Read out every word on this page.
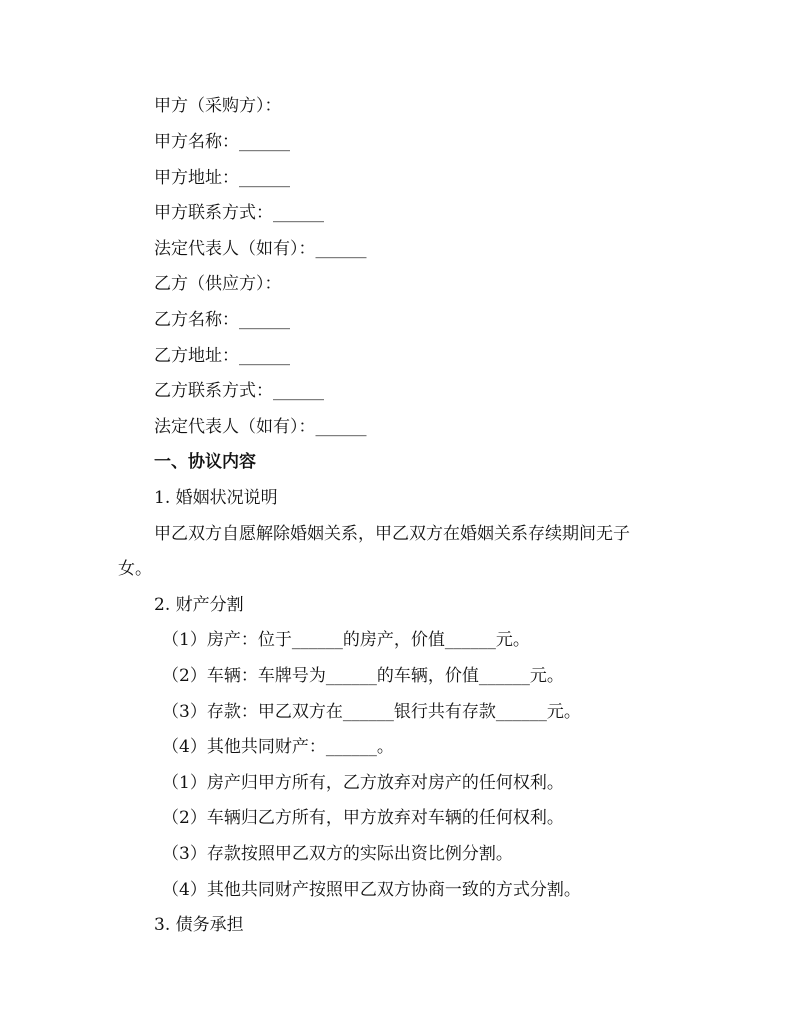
甲方（采购方）：
甲方名称：______
甲方地址：______
甲方联系方式：______
法定代表人（如有）：______
乙方（供应方）：
乙方名称：______
乙方地址：______
乙方联系方式：______
法定代表人（如有）：______
一、协议内容
1. 婚姻状况说明
甲乙双方自愿解除婚姻关系，甲乙双方在婚姻关系存续期间无子
女。
2. 财产分割
（1）房产：位于______的房产，价值______元。
（2）车辆：车牌号为______的车辆，价值______元。
（3）存款：甲乙双方在______银行共有存款______元。
（4）其他共同财产：______。
（1）房产归甲方所有，乙方放弃对房产的任何权利。
（2）车辆归乙方所有，甲方放弃对车辆的任何权利。
（3）存款按照甲乙双方的实际出资比例分割。
（4）其他共同财产按照甲乙双方协商一致的方式分割。
3. 债务承担
